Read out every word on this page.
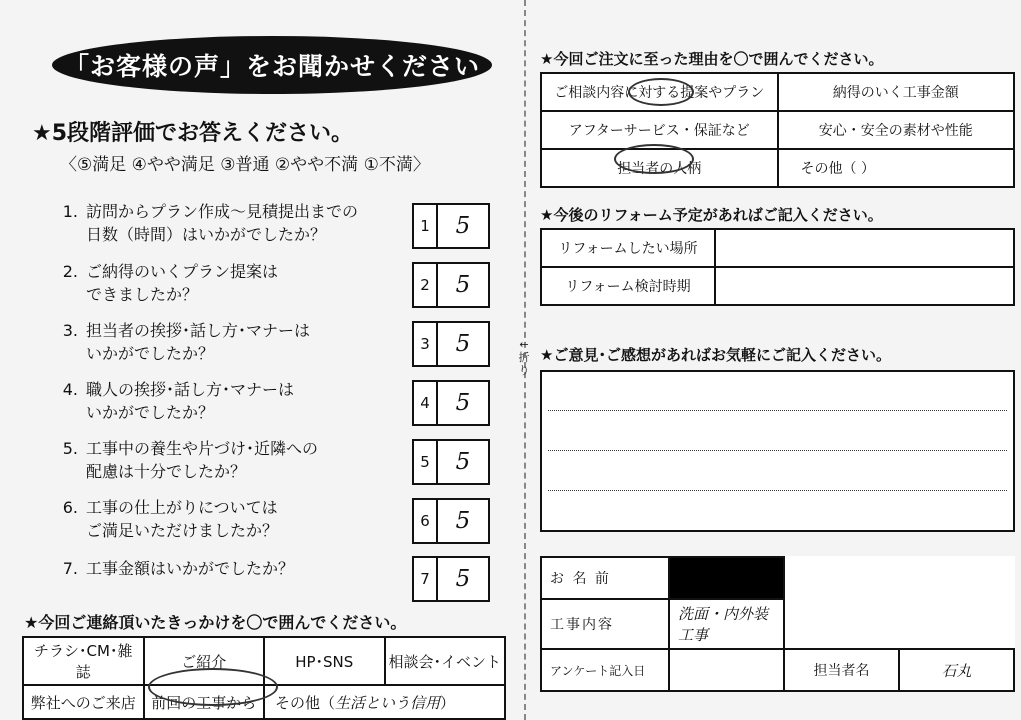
←
折
り
「お客様の声」をお聞かせください
★5段階評価でお答えください。
〈⑤満足 ④やや満足 ③普通 ②やや不満 ①不満〉
1. 訪問からプラン作成～見積提出までの
日数（時間）はいかがでしたか？	1	5
2. ご納得のいくプラン提案は
できましたか？	2	5
3. 担当者の挨拶･話し方･マナーは
いかがでしたか？	3	5
4. 職人の挨拶･話し方･マナーは
いかがでしたか？	4	5
5. 工事中の養生や片づけ･近隣への
配慮は十分でしたか？	5	5
6. 工事の仕上がりについては
ご満足いただけましたか？	6	5
7. 工事金額はいかがでしたか？
7	5
★今回ご連絡頂いたきっかけを〇で囲んでください。
チラシ･CM･雑誌	ご紹介	HP･SNS	相談会･イベント
弊社へのご来店	前回の工事から	その他（生活という信用）	
★今回ご注文に至った理由を〇で囲んでください。
ご相談内容に対する提案やプラン	納得のいく工事金額
アフターサービス・保証など	安心・安全の素材や性能
担当者の人柄	その他（ ）
★今後のリフォーム予定があればご記入ください。
リフォームしたい場所	
リフォーム検討時期	
★ご意見･ご感想があればお気軽にご記入ください。
お 名 前			
工事内容	洗面・内外装工事		
アンケート記入日		担当者名	石丸
